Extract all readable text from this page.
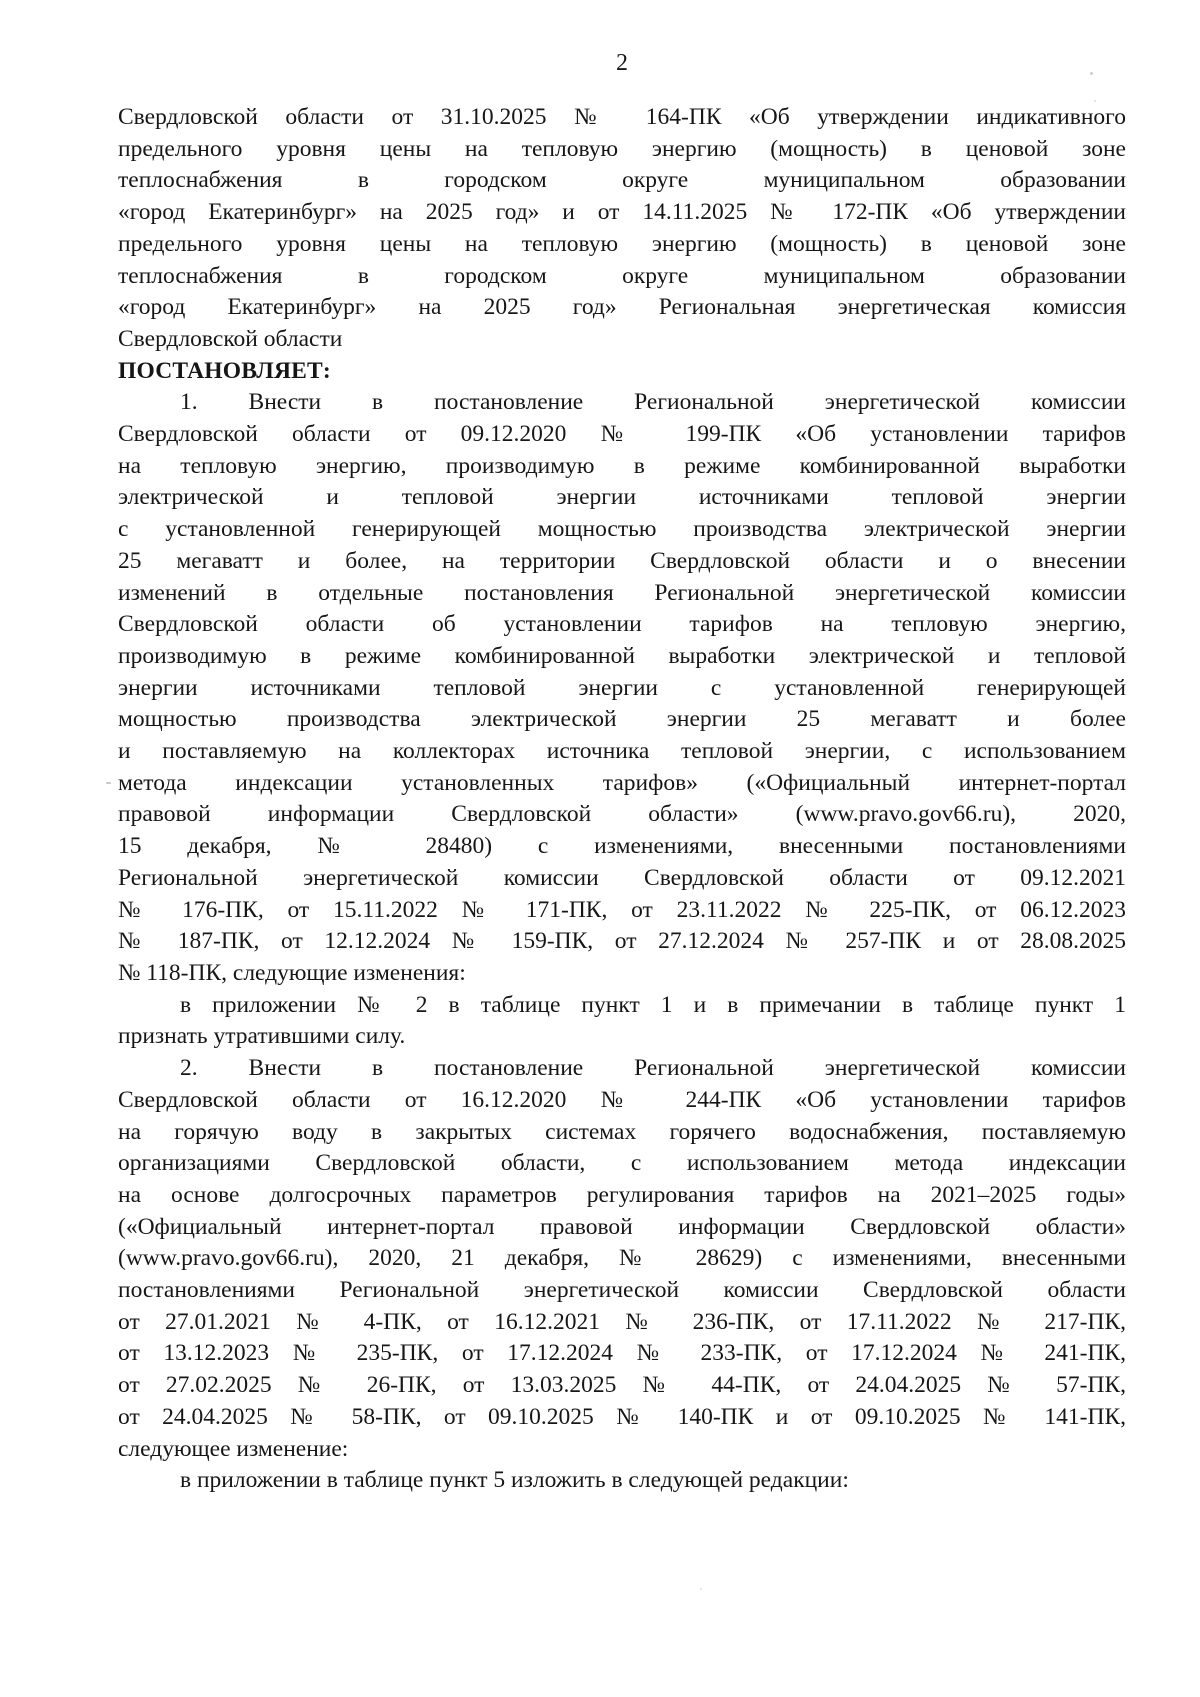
2
Свердловской области от 31.10.2025 № 164-ПК «Об утверждении индикативного
предельного уровня цены на тепловую энергию (мощность) в ценовой зоне
теплоснабжения в городском округе муниципальном образовании
«город Екатеринбург» на 2025 год» и от 14.11.2025 № 172-ПК «Об утверждении
предельного уровня цены на тепловую энергию (мощность) в ценовой зоне
теплоснабжения в городском округе муниципальном образовании
«город Екатеринбург» на 2025 год» Региональная энергетическая комиссия
Свердловской области
ПОСТАНОВЛЯЕТ:
1. Внести в постановление Региональной энергетической комиссии
Свердловской области от 09.12.2020 № 199-ПК «Об установлении тарифов
на тепловую энергию, производимую в режиме комбинированной выработки
электрической и тепловой энергии источниками тепловой энергии
с установленной генерирующей мощностью производства электрической энергии
25 мегаватт и более, на территории Свердловской области и о внесении
изменений в отдельные постановления Региональной энергетической комиссии
Свердловской области об установлении тарифов на тепловую энергию,
производимую в режиме комбинированной выработки электрической и тепловой
энергии источниками тепловой энергии с установленной генерирующей
мощностью производства электрической энергии 25 мегаватт и более
и поставляемую на коллекторах источника тепловой энергии, с использованием
метода индексации установленных тарифов» («Официальный интернет-портал
правовой информации Свердловской области» (www.pravo.gov66.ru), 2020,
15 декабря, № 28480) с изменениями, внесенными постановлениями
Региональной энергетической комиссии Свердловской области от 09.12.2021
№ 176-ПК, от 15.11.2022 № 171-ПК, от 23.11.2022 № 225-ПК, от 06.12.2023
№ 187-ПК, от 12.12.2024 № 159-ПК, от 27.12.2024 № 257-ПК и от 28.08.2025
№ 118-ПК, следующие изменения:
в приложении № 2 в таблице пункт 1 и в примечании в таблице пункт 1
признать утратившими силу.
2. Внести в постановление Региональной энергетической комиссии
Свердловской области от 16.12.2020 № 244-ПК «Об установлении тарифов
на горячую воду в закрытых системах горячего водоснабжения, поставляемую
организациями Свердловской области, с использованием метода индексации
на основе долгосрочных параметров регулирования тарифов на 2021–2025 годы»
(«Официальный интернет-портал правовой информации Свердловской области»
(www.pravo.gov66.ru), 2020, 21 декабря, № 28629) с изменениями, внесенными
постановлениями Региональной энергетической комиссии Свердловской области
от 27.01.2021 № 4-ПК, от 16.12.2021 № 236-ПК, от 17.11.2022 № 217-ПК,
от 13.12.2023 № 235-ПК, от 17.12.2024 № 233-ПК, от 17.12.2024 № 241-ПК,
от 27.02.2025 № 26-ПК, от 13.03.2025 № 44-ПК, от 24.04.2025 № 57-ПК,
от 24.04.2025 № 58-ПК, от 09.10.2025 № 140-ПК и от 09.10.2025 № 141-ПК,
следующее изменение:
в приложении в таблице пункт 5 изложить в следующей редакции:
